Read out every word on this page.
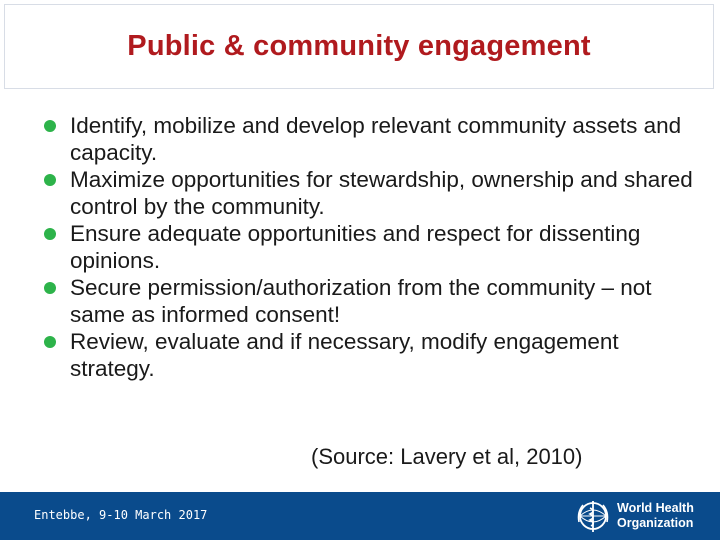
Public & community engagement
Identify, mobilize and develop relevant community assets and capacity.
Maximize opportunities for stewardship, ownership and shared control by the community.
Ensure adequate opportunities and respect for dissenting opinions.
Secure permission/authorization from the community – not same as informed consent!
Review, evaluate and if necessary, modify engagement strategy.
(Source: Lavery et al, 2010)
Entebbe, 9-10 March 2017	World Health
Organization
